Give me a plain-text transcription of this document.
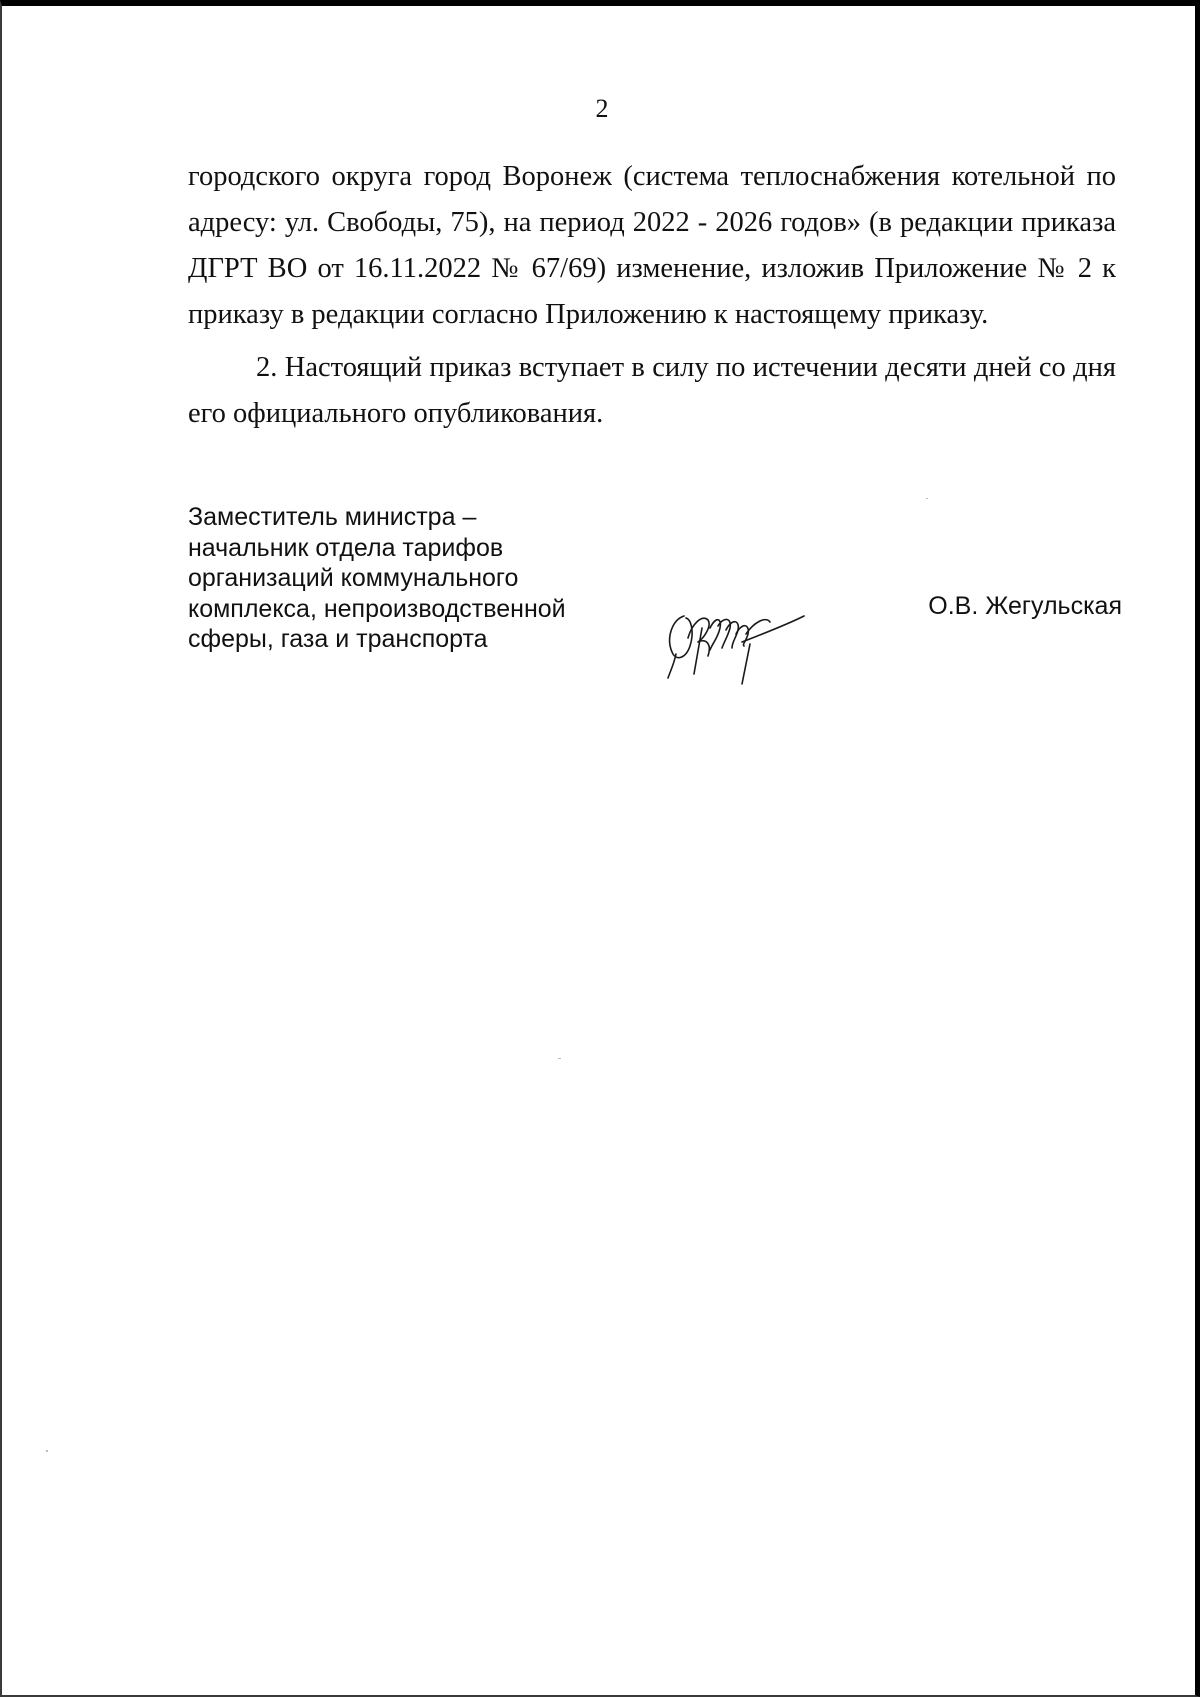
2

городского округа город Воронеж (система теплоснабжения котельной по
адресу: ул. Свободы, 75), на период 2022 - 2026 годов» (в редакции приказа
ДГРТ ВО от 16.11.2022 № 67/69) изменение, изложив Приложение № 2 к
приказу в редакции согласно Приложению к настоящему приказу.

2. Настоящий приказ вступает в силу по истечении десяти дней со дня
его официального опубликования.

Заместитель министра –
начальник отдела тарифов
организаций коммунального
комплекса, непроизводственной
сферы, газа и транспорта
О.В. Жегульская
